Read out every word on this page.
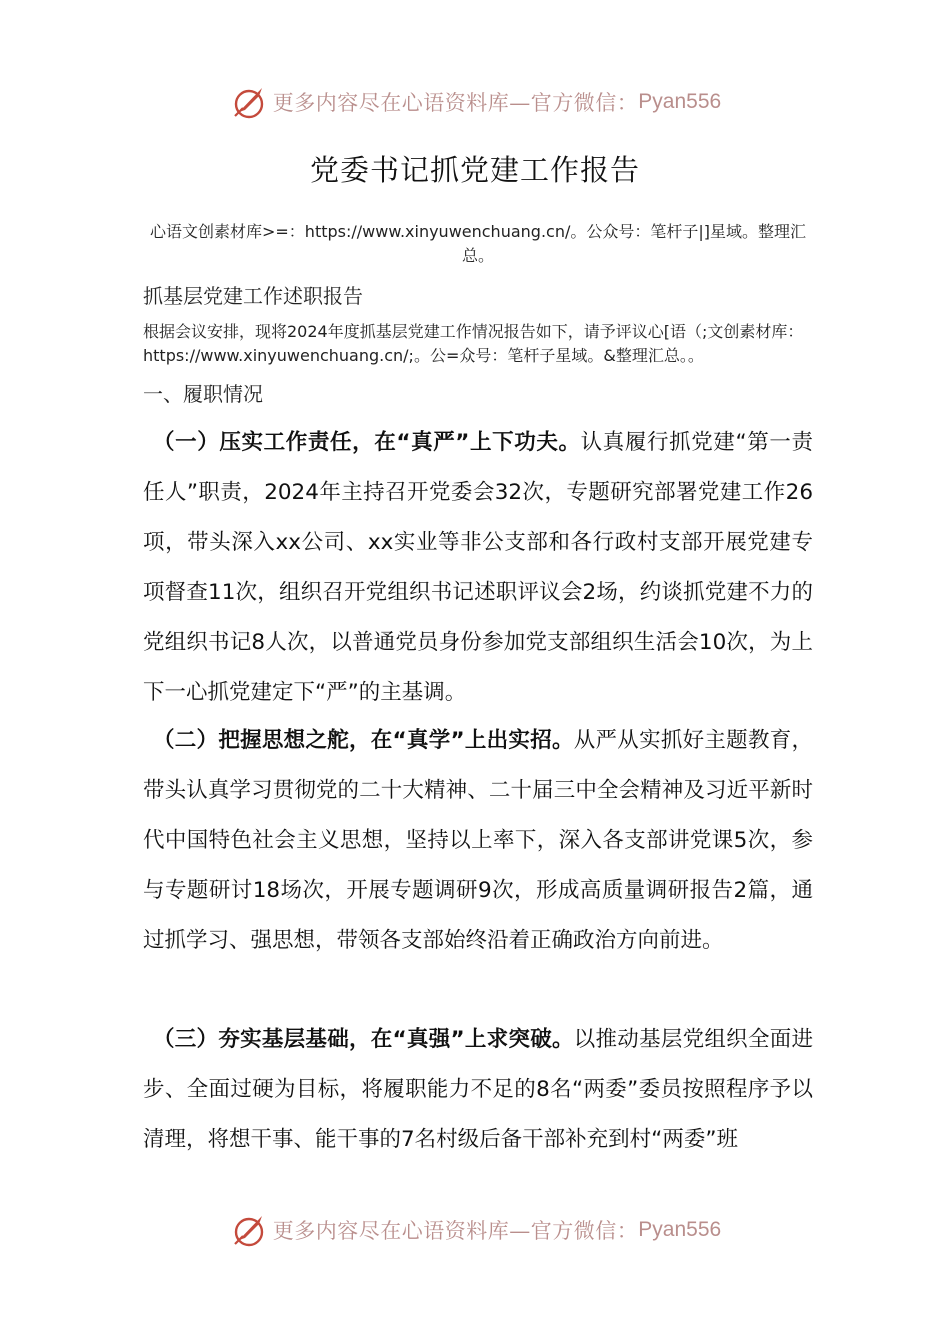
更多内容尽在心语资料库—官方微信： Pyan556
党委书记抓党建工作报告
心语文创素材库>=：https://www.xinyuwenchuang.cn/。公众号：笔杆子|]星域。整理汇总。
抓基层党建工作述职报告
根据会议安排，现将2024年度抓基层党建工作情况报告如下，请予评议心[语（;文创素材库：https://www.xinyuwenchuang.cn/;。公=众号：笔杆子星域。&整理汇总。。
一、履职情况
（一）压实工作责任，在“真严”上下功夫。认真履行抓党建“第一责任人”职责，2024年主持召开党委会32次，专题研究部署党建工作26项，带头深入xx公司、xx实业等非公支部和各行政村支部开展党建专项督查11次，组织召开党组织书记述职评议会2场，约谈抓党建不力的党组织书记8人次，以普通党员身份参加党支部组织生活会10次，为上下一心抓党建定下“严”的主基调。
（二）把握思想之舵，在“真学”上出实招。从严从实抓好主题教育，带头认真学习贯彻党的二十大精神、二十届三中全会精神及习近平新时代中国特色社会主义思想，坚持以上率下，深入各支部讲党课5次，参与专题研讨18场次，开展专题调研9次，形成高质量调研报告2篇，通过抓学习、强思想，带领各支部始终沿着正确政治方向前进。
（三）夯实基层基础，在“真强”上求突破。以推动基层党组织全面进步、全面过硬为目标，将履职能力不足的8名“两委”委员按照程序予以清理，将想干事、能干事的7名村级后备干部补充到村“两委”班
更多内容尽在心语资料库—官方微信： Pyan556
